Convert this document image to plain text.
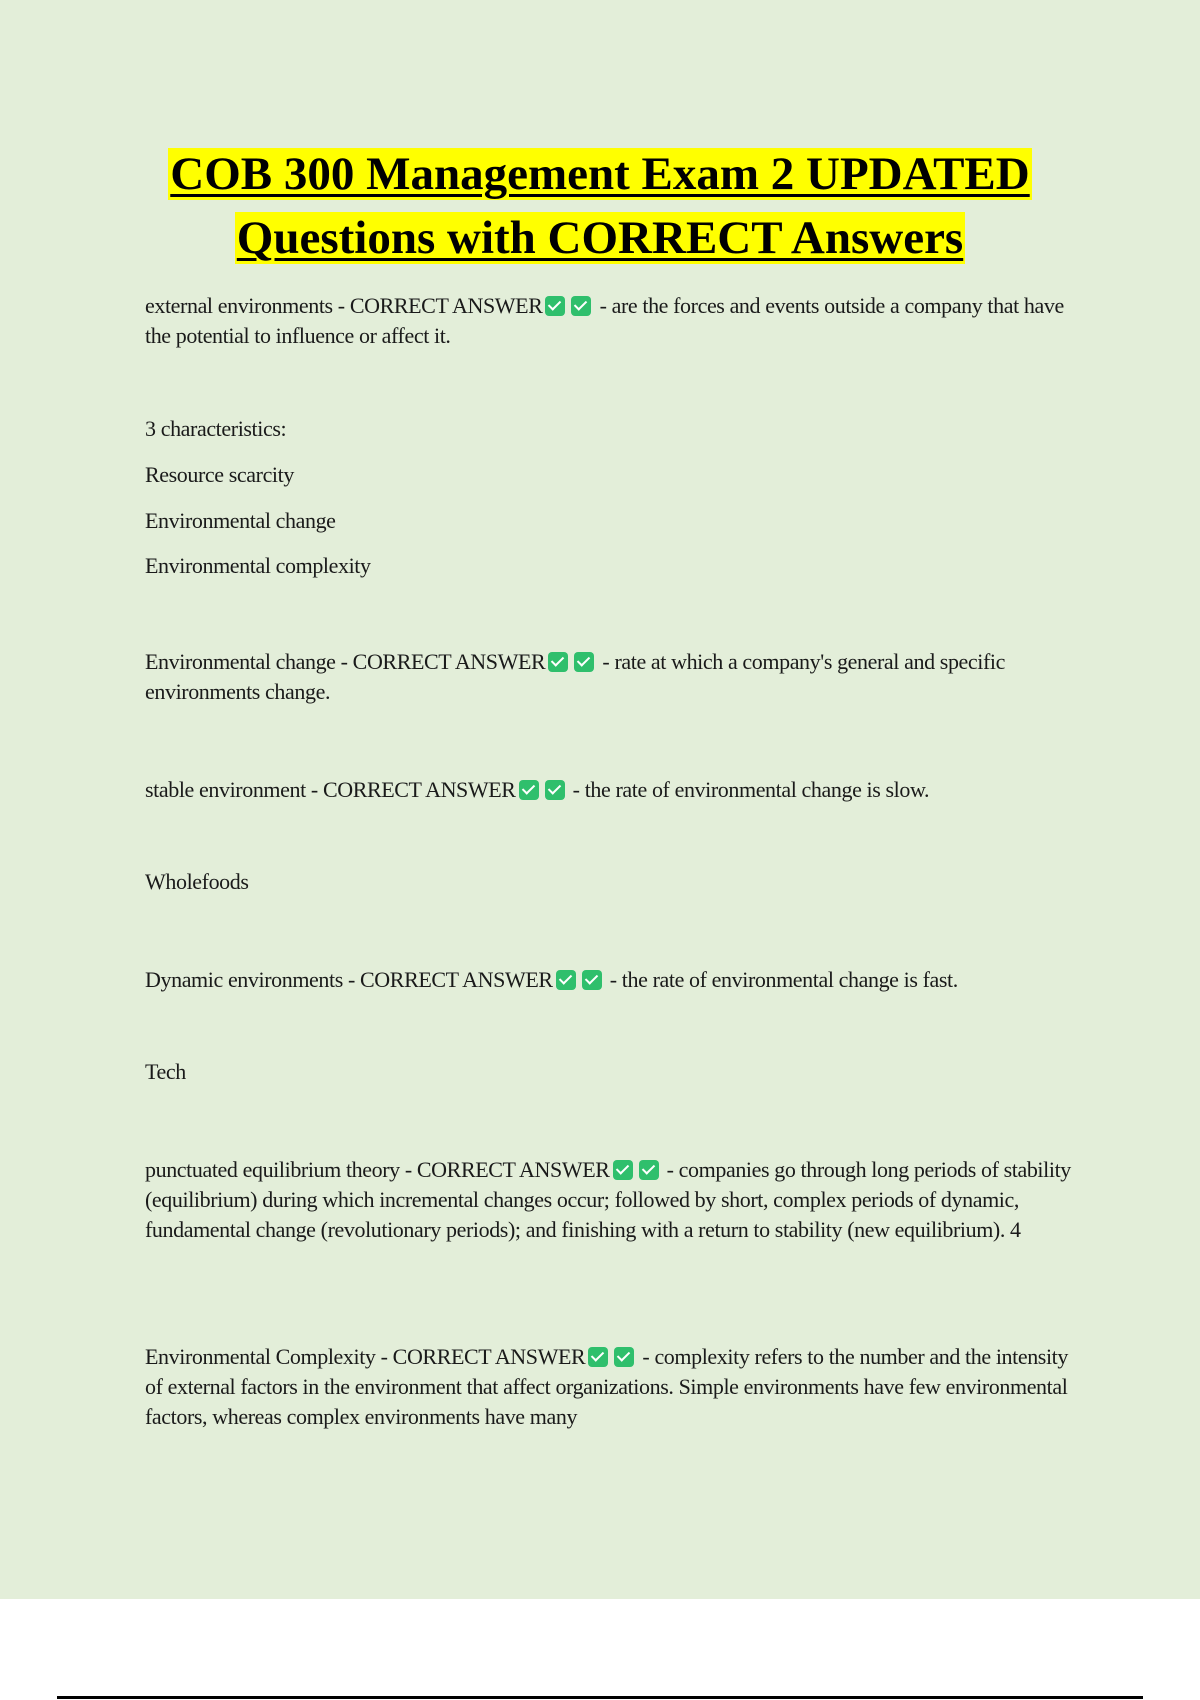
COB 300 Management Exam 2 UPDATED
Questions with CORRECT Answers
external environments - CORRECT ANSWER - are the forces and events outside a company that have the potential to influence or affect it.
3 characteristics:
Resource scarcity
Environmental change
Environmental complexity
Environmental change - CORRECT ANSWER - rate at which a company's general and specific environments change.
stable environment - CORRECT ANSWER - the rate of environmental change is slow.
Wholefoods
Dynamic environments - CORRECT ANSWER - the rate of environmental change is fast.
Tech
punctuated equilibrium theory - CORRECT ANSWER - companies go through long periods of stability (equilibrium) during which incremental changes occur; followed by short, complex periods of dynamic, fundamental change (revolutionary periods); and finishing with a return to stability (new equilibrium). 4
Environmental Complexity - CORRECT ANSWER - complexity refers to the number and the intensity of external factors in the environment that affect organizations. Simple environments have few environmental factors, whereas complex environments have many
